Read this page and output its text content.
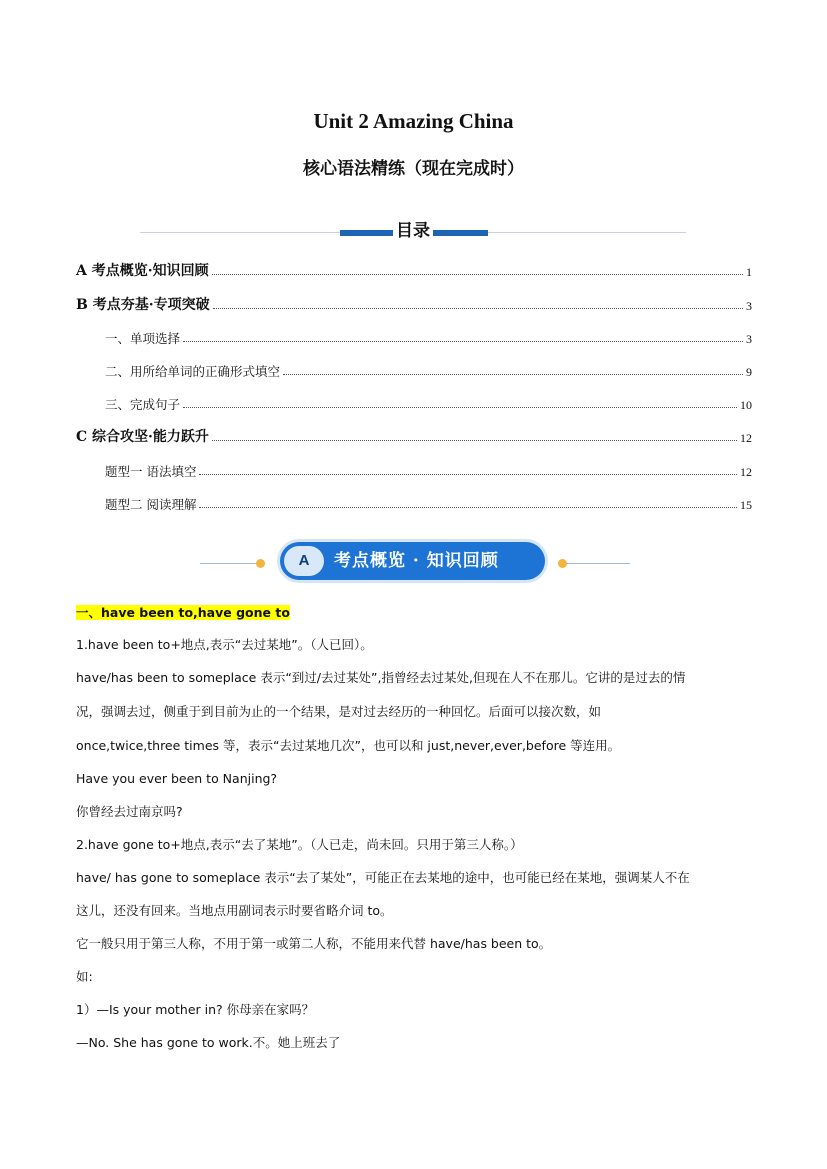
Unit 2 Amazing China
核心语法精练（现在完成时）
目录
A 考点概览·知识回顾	1
B 考点夯基·专项突破	3
一、单项选择	3
二、用所给单词的正确形式填空	9
三、完成句子	10
C 综合攻坚·能力跃升	12
题型一 语法填空	12
题型二 阅读理解	15
A	考点概览 · 知识回顾
一、have been to,have gone to
1.have been to+地点,表示“去过某地”。（人已回）。
have/has been to someplace 表示“到过/去过某处”,指曾经去过某处,但现在人不在那儿。它讲的是过去的情
况，强调去过，侧重于到目前为止的一个结果，是对过去经历的一种回忆。后面可以接次数，如
once,twice,three times 等，表示“去过某地几次”，也可以和 just,never,ever,before 等连用。
Have you ever been to Nanjing?
你曾经去过南京吗?
2.have gone to+地点,表示“去了某地”。（人已走，尚未回。只用于第三人称。）
have/ has gone to someplace 表示“去了某处”，可能正在去某地的途中，也可能已经在某地，强调某人不在
这儿，还没有回来。当地点用副词表示时要省略介词 to。
它一般只用于第三人称，不用于第一或第二人称，不能用来代替 have/has been to。
如:
1）—Is your mother in? 你母亲在家吗？
—No. She has gone to work.不。她上班去了
